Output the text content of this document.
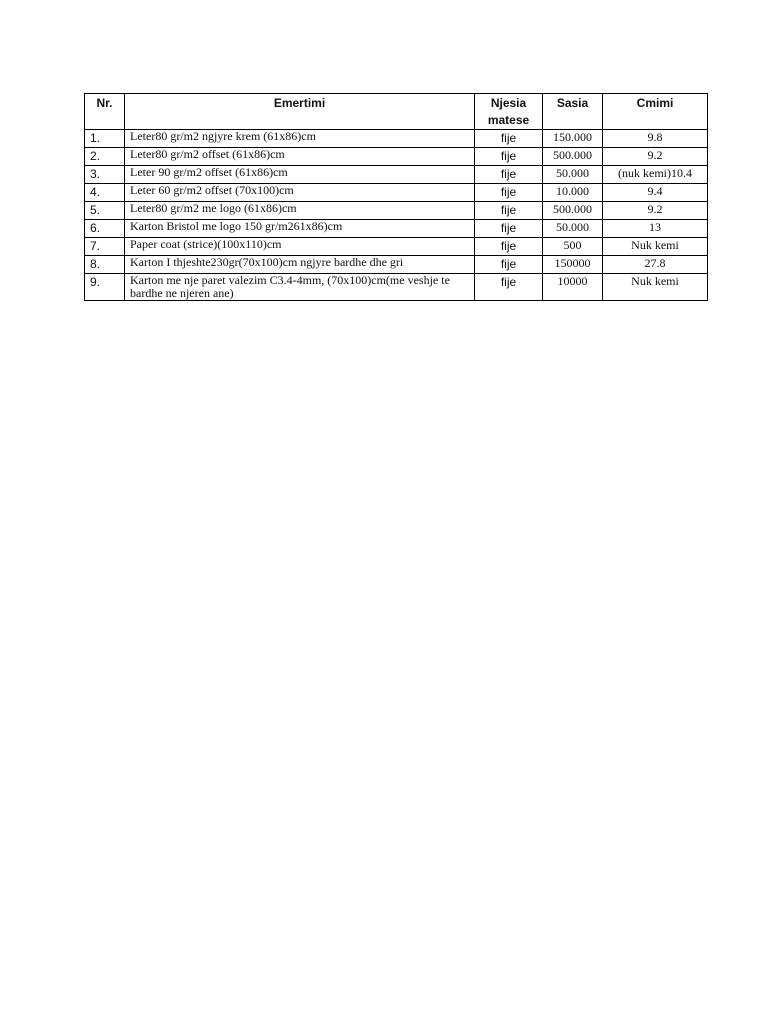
Nr.	Emertimi	Njesia matese	Sasia	Cmimi
1.	Leter80 gr/m2 ngjyre krem (61x86)cm	fije	150.000	9.8
2.	Leter80 gr/m2 offset (61x86)cm	fije	500.000	9.2
3.	Leter 90 gr/m2 offset (61x86)cm	fije	50.000	(nuk kemi)10.4
4.	Leter 60 gr/m2 offset (70x100)cm	fije	10.000	9.4
5.	Leter80 gr/m2 me logo (61x86)cm	fije	500.000	9.2
6.	Karton Bristol me logo 150 gr/m261x86)cm	fije	50.000	13
7.	Paper coat (strice)(100x110)cm	fije	500	Nuk kemi
8.	Karton I thjeshte230gr(70x100)cm ngjyre bardhe dhe gri	fije	150000	27.8
9.	Karton me nje paret valezim C3.4-4mm, (70x100)cm(me veshje te bardhe ne njeren ane)	fije	10000	Nuk kemi
